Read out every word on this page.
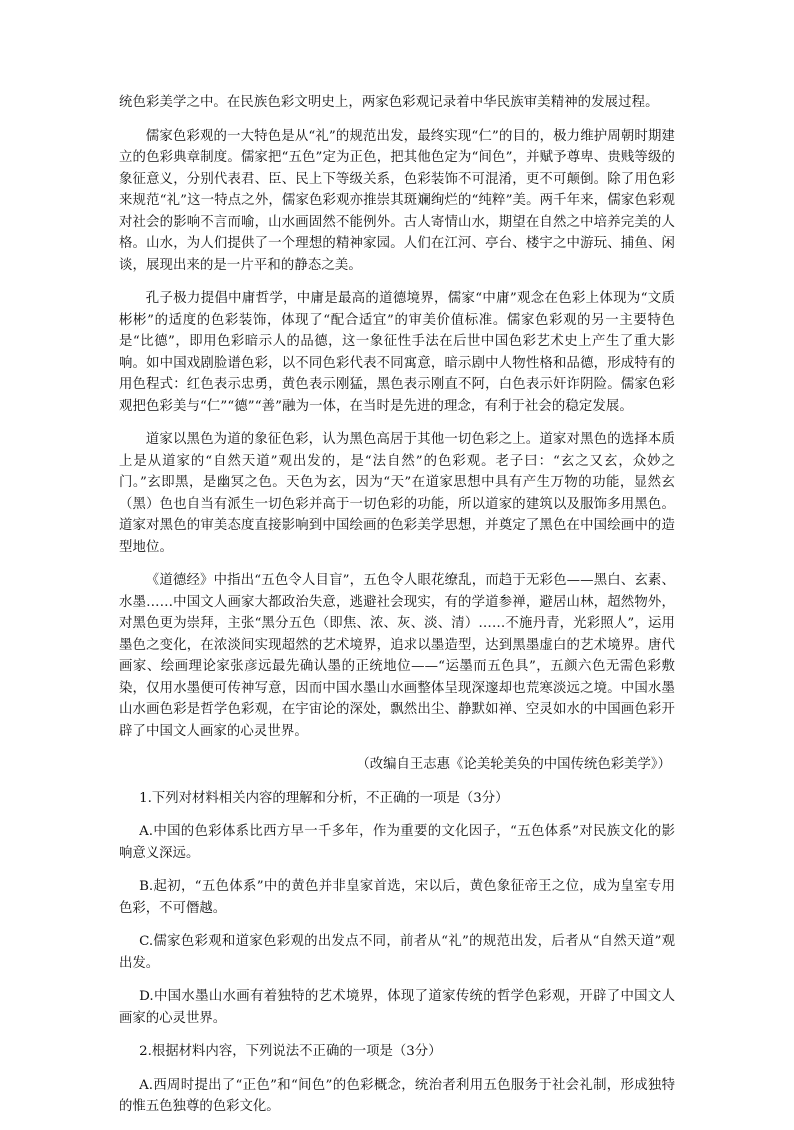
统色彩美学之中。在民族色彩文明史上，两家色彩观记录着中华民族审美精神的发展过程。

儒家色彩观的一大特色是从“礼”的规范出发，最终实现“仁”的目的，极力维护周朝时期建立的色彩典章制度。儒家把“五色”定为正色，把其他色定为“间色”，并赋予尊卑、贵贱等级的象征意义，分别代表君、臣、民上下等级关系，色彩装饰不可混淆，更不可颠倒。除了用色彩来规范“礼”这一特点之外，儒家色彩观亦推崇其斑斓绚烂的“纯粹”美。两千年来，儒家色彩观对社会的影响不言而喻，山水画固然不能例外。古人寄情山水，期望在自然之中培养完美的人格。山水，为人们提供了一个理想的精神家园。人们在江河、亭台、楼宇之中游玩、捕鱼、闲谈，展现出来的是一片平和的静态之美。

孔子极力提倡中庸哲学，中庸是最高的道德境界，儒家“中庸”观念在色彩上体现为“文质彬彬”的适度的色彩装饰，体现了“配合适宜”的审美价值标准。儒家色彩观的另一主要特色是“比德”，即用色彩暗示人的品德，这一象征性手法在后世中国色彩艺术史上产生了重大影响。如中国戏剧脸谱色彩，以不同色彩代表不同寓意，暗示剧中人物性格和品德，形成特有的用色程式：红色表示忠勇，黄色表示刚猛，黑色表示刚直不阿，白色表示奸诈阴险。儒家色彩观把色彩美与“仁”“德”“善”融为一体，在当时是先进的理念，有利于社会的稳定发展。

道家以黑色为道的象征色彩，认为黑色高居于其他一切色彩之上。道家对黑色的选择本质上是从道家的“自然天道”观出发的，是“法自然”的色彩观。老子曰：“玄之又玄，众妙之门。”玄即黑，是幽冥之色。天色为玄，因为“天”在道家思想中具有产生万物的功能，显然玄（黑）色也自当有派生一切色彩并高于一切色彩的功能，所以道家的建筑以及服饰多用黑色。道家对黑色的审美态度直接影响到中国绘画的色彩美学思想，并奠定了黑色在中国绘画中的造型地位。

《道德经》中指出“五色令人目盲”，五色令人眼花缭乱，而趋于无彩色——黑白、玄素、水墨……中国文人画家大都政治失意，逃避社会现实，有的学道参禅，避居山林，超然物外，对黑色更为崇拜，主张“黑分五色（即焦、浓、灰、淡、清）……不施丹青，光彩照人”，运用墨色之变化，在浓淡间实现超然的艺术境界，追求以墨造型，达到黑墨虚白的艺术境界。唐代画家、绘画理论家张彦远最先确认墨的正统地位——“运墨而五色具”，五颜六色无需色彩敷染，仅用水墨便可传神写意，因而中国水墨山水画整体呈现深邃却也荒寒淡远之境。中国水墨山水画色彩是哲学色彩观，在宇宙论的深处，飘然出尘、静默如禅、空灵如水的中国画色彩开辟了中国文人画家的心灵世界。

（改编自王志惠《论美轮美奂的中国传统色彩美学》）

1.下列对材料相关内容的理解和分析，不正确的一项是（3分）

A.中国的色彩体系比西方早一千多年，作为重要的文化因子，“五色体系”对民族文化的影响意义深远。

B.起初，“五色体系”中的黄色并非皇家首选，宋以后，黄色象征帝王之位，成为皇室专用色彩，不可僭越。

C.儒家色彩观和道家色彩观的出发点不同，前者从“礼”的规范出发，后者从“自然天道”观出发。

D.中国水墨山水画有着独特的艺术境界，体现了道家传统的哲学色彩观，开辟了中国文人画家的心灵世界。

2.根据材料内容，下列说法不正确的一项是（3分）

A.西周时提出了“正色”和“间色”的色彩概念，统治者利用五色服务于社会礼制，形成独特的惟五色独尊的色彩文化。
